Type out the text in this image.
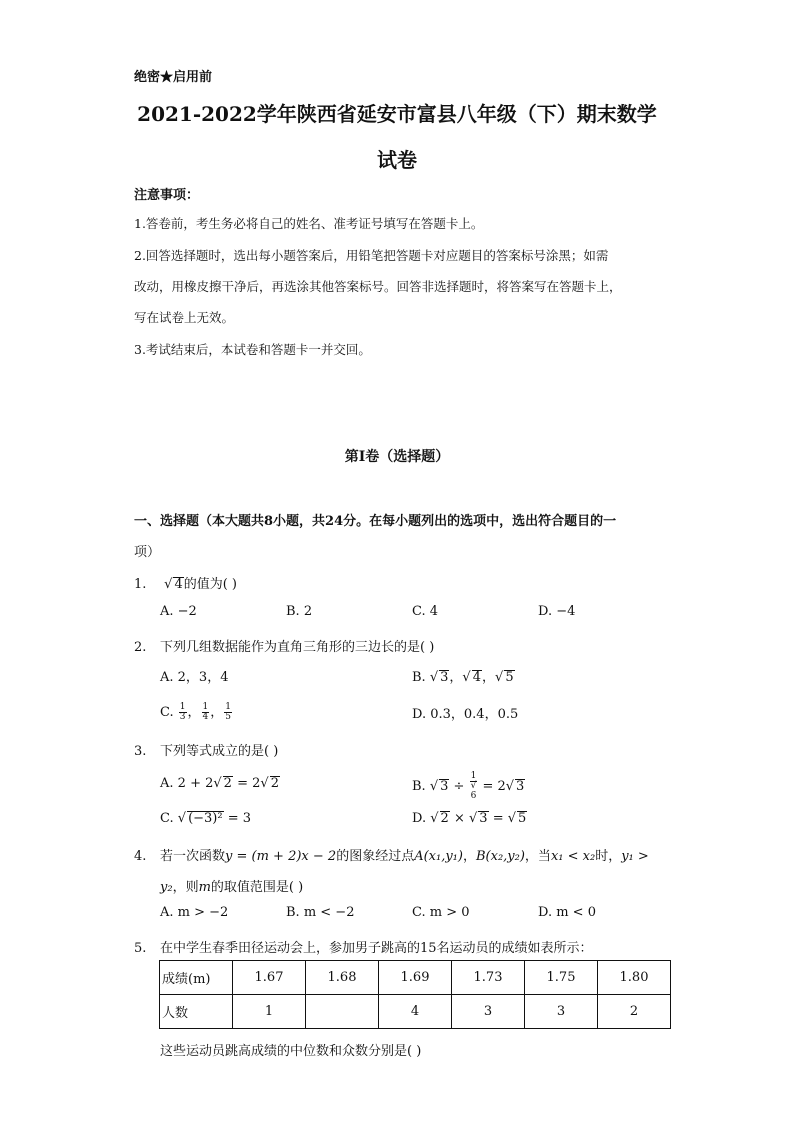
绝密★启用前
2021-2022学年陕西省延安市富县八年级（下）期末数学
试卷
注意事项：
1.答卷前，考生务必将自己的姓名、准考证号填写在答题卡上。
2.回答选择题时，选出每小题答案后，用铅笔把答题卡对应题目的答案标号涂黑；如需
改动，用橡皮擦干净后，再选涂其他答案标号。回答非选择题时，将答案写在答题卡上，
写在试卷上无效。
3.考试结束后，本试卷和答题卡一并交回。
第I卷（选择题）
一、选择题（本大题共8小题，共24分。在每小题列出的选项中，选出符合题目的一
项）
1. √ 4的值为( )
A. −2	B. 2	C. 4	D. −4
2. 下列几组数据能作为直角三角形的三边长的是( )
A. 2，3，4	B. √ 3，√ 4，√ 5
C. $\frac{1}{3}$ ， $\frac{1}{4}$ ， $\frac{1}{5}$	D. 0.3，0.4，0.5
3. 下列等式成立的是( )
A. 2 + 2√ 2 = 2√ 2	B. √ 3 ÷ 1
√
6 = 2√ 3
C. √ (−3)² = 3	D. √ 2 × √ 3 = √ 5
4. 若一次函数y = (m + 2)x − 2的图象经过点A(x₁,y₁)，B(x₂,y₂)，当x₁ < x₂时，y₁ >
y₂，则m的取值范围是( )
A. m > −2	B. m < −2	C. m > 0	D. m < 0
5. 在中学生春季田径运动会上，参加男子跳高的15名运动员的成绩如表所示：
成绩(m)	1.67	1.68	1.69	1.73	1.75	1.80
人数	1		4	3	3	2
这些运动员跳高成绩的中位数和众数分别是( )
